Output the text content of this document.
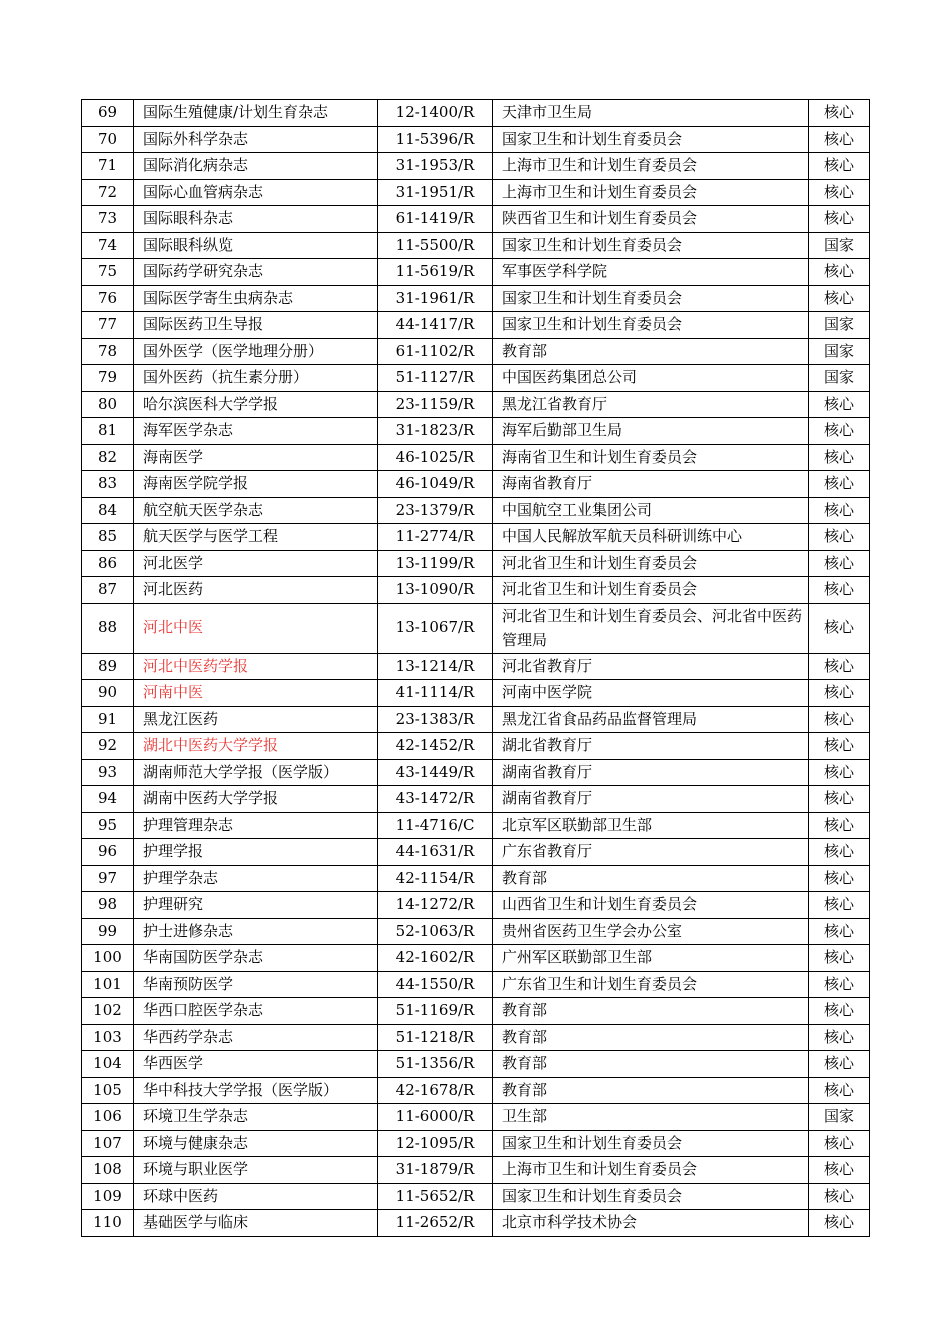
69	国际生殖健康/计划生育杂志	12-1400/R	天津市卫生局	核心
70	国际外科学杂志	11-5396/R	国家卫生和计划生育委员会	核心
71	国际消化病杂志	31-1953/R	上海市卫生和计划生育委员会	核心
72	国际心血管病杂志	31-1951/R	上海市卫生和计划生育委员会	核心
73	国际眼科杂志	61-1419/R	陕西省卫生和计划生育委员会	核心
74	国际眼科纵览	11-5500/R	国家卫生和计划生育委员会	国家
75	国际药学研究杂志	11-5619/R	军事医学科学院	核心
76	国际医学寄生虫病杂志	31-1961/R	国家卫生和计划生育委员会	核心
77	国际医药卫生导报	44-1417/R	国家卫生和计划生育委员会	国家
78	国外医学（医学地理分册）	61-1102/R	教育部	国家
79	国外医药（抗生素分册）	51-1127/R	中国医药集团总公司	国家
80	哈尔滨医科大学学报	23-1159/R	黑龙江省教育厅	核心
81	海军医学杂志	31-1823/R	海军后勤部卫生局	核心
82	海南医学	46-1025/R	海南省卫生和计划生育委员会	核心
83	海南医学院学报	46-1049/R	海南省教育厅	核心
84	航空航天医学杂志	23-1379/R	中国航空工业集团公司	核心
85	航天医学与医学工程	11-2774/R	中国人民解放军航天员科研训练中心	核心
86	河北医学	13-1199/R	河北省卫生和计划生育委员会	核心
87	河北医药	13-1090/R	河北省卫生和计划生育委员会	核心
88	河北中医	13-1067/R	河北省卫生和计划生育委员会、河北省中医药管理局	核心
89	河北中医药学报	13-1214/R	河北省教育厅	核心
90	河南中医	41-1114/R	河南中医学院	核心
91	黑龙江医药	23-1383/R	黑龙江省食品药品监督管理局	核心
92	湖北中医药大学学报	42-1452/R	湖北省教育厅	核心
93	湖南师范大学学报（医学版）	43-1449/R	湖南省教育厅	核心
94	湖南中医药大学学报	43-1472/R	湖南省教育厅	核心
95	护理管理杂志	11-4716/C	北京军区联勤部卫生部	核心
96	护理学报	44-1631/R	广东省教育厅	核心
97	护理学杂志	42-1154/R	教育部	核心
98	护理研究	14-1272/R	山西省卫生和计划生育委员会	核心
99	护士进修杂志	52-1063/R	贵州省医药卫生学会办公室	核心
100	华南国防医学杂志	42-1602/R	广州军区联勤部卫生部	核心
101	华南预防医学	44-1550/R	广东省卫生和计划生育委员会	核心
102	华西口腔医学杂志	51-1169/R	教育部	核心
103	华西药学杂志	51-1218/R	教育部	核心
104	华西医学	51-1356/R	教育部	核心
105	华中科技大学学报（医学版）	42-1678/R	教育部	核心
106	环境卫生学杂志	11-6000/R	卫生部	国家
107	环境与健康杂志	12-1095/R	国家卫生和计划生育委员会	核心
108	环境与职业医学	31-1879/R	上海市卫生和计划生育委员会	核心
109	环球中医药	11-5652/R	国家卫生和计划生育委员会	核心
110	基础医学与临床	11-2652/R	北京市科学技术协会	核心
